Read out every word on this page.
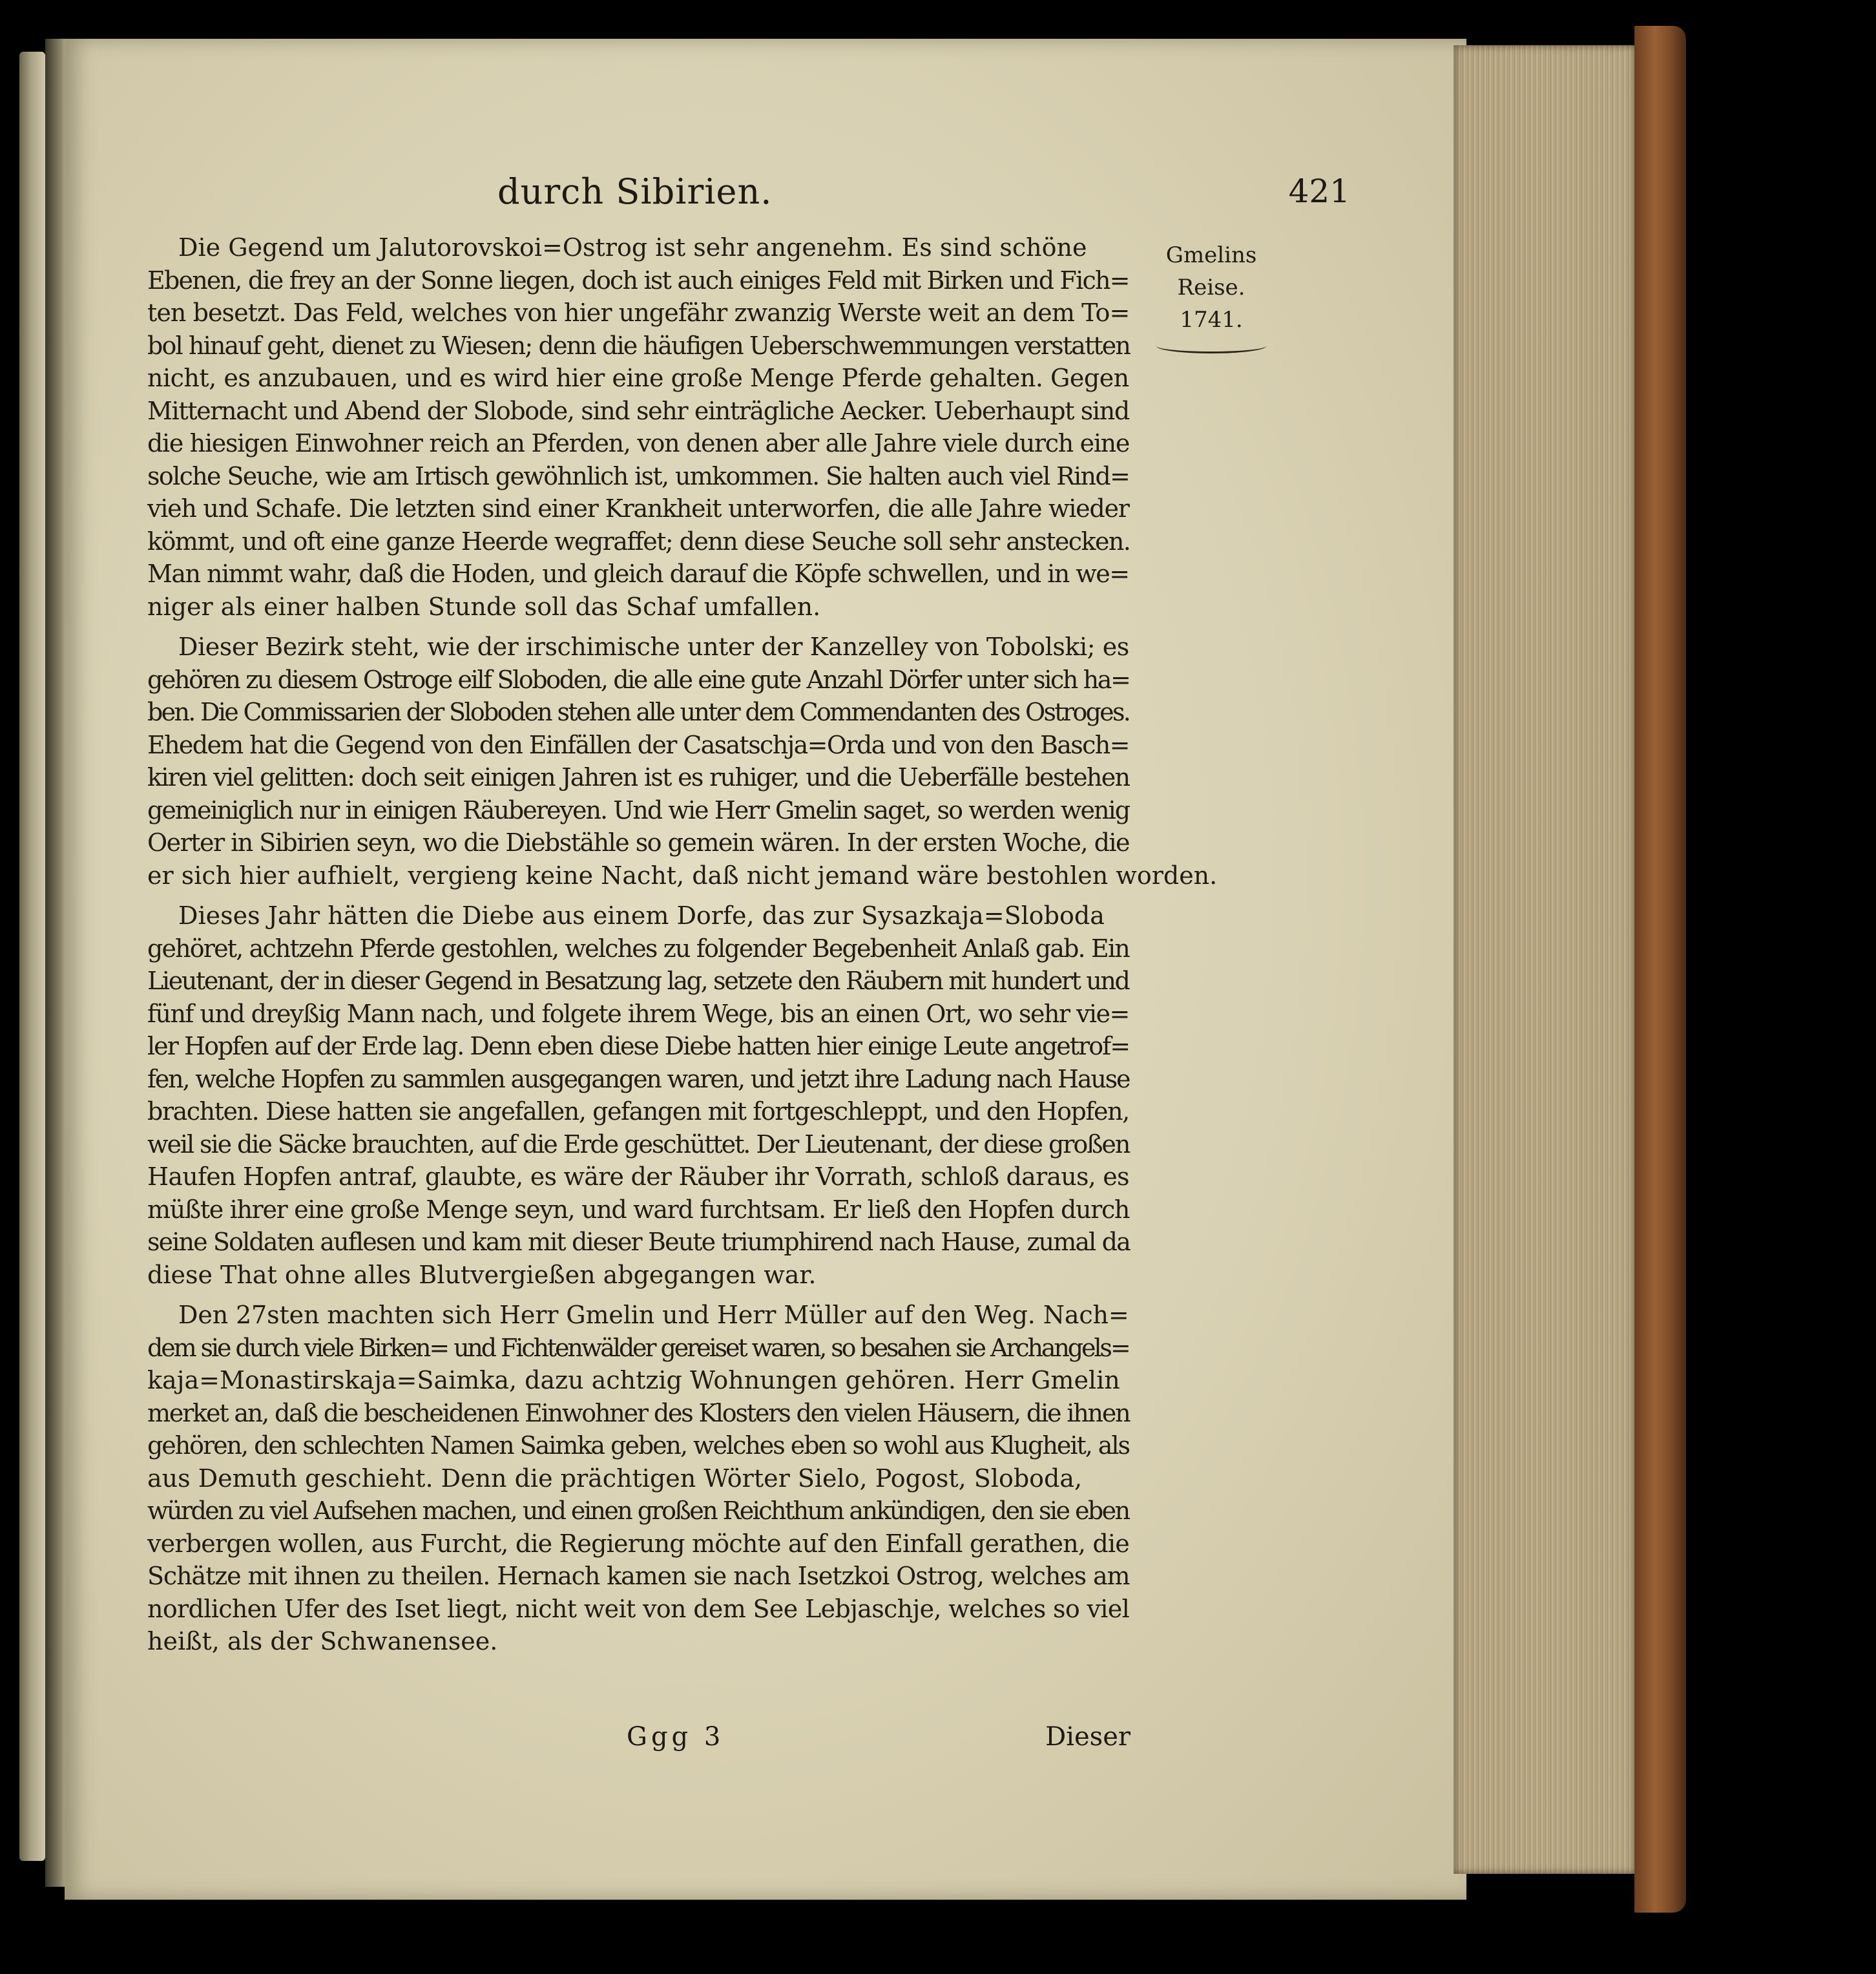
durch Sibirien.	421
Gmelins
Reise.
1741.
Die Gegend um Jalutorovskoi=Ostrog ist sehr angenehm. Es sind schöne
Ebenen, die frey an der Sonne liegen, doch ist auch einiges Feld mit Birken und Fich=
ten besetzt. Das Feld, welches von hier ungefähr zwanzig Werste weit an dem To=
bol hinauf geht, dienet zu Wiesen; denn die häufigen Ueberschwemmungen verstatten
nicht, es anzubauen, und es wird hier eine große Menge Pferde gehalten. Gegen
Mitternacht und Abend der Slobode, sind sehr einträgliche Aecker. Ueberhaupt sind
die hiesigen Einwohner reich an Pferden, von denen aber alle Jahre viele durch eine
solche Seuche, wie am Irtisch gewöhnlich ist, umkommen. Sie halten auch viel Rind=
vieh und Schafe. Die letzten sind einer Krankheit unterworfen, die alle Jahre wieder
kömmt, und oft eine ganze Heerde wegraffet; denn diese Seuche soll sehr anstecken.
Man nimmt wahr, daß die Hoden, und gleich darauf die Köpfe schwellen, und in we=
niger als einer halben Stunde soll das Schaf umfallen.
Dieser Bezirk steht, wie der irschimische unter der Kanzelley von Tobolski; es
gehören zu diesem Ostroge eilf Sloboden, die alle eine gute Anzahl Dörfer unter sich ha=
ben. Die Commissarien der Sloboden stehen alle unter dem Commendanten des Ostroges.
Ehedem hat die Gegend von den Einfällen der Casatschja=Orda und von den Basch=
kiren viel gelitten: doch seit einigen Jahren ist es ruhiger, und die Ueberfälle bestehen
gemeiniglich nur in einigen Räubereyen. Und wie Herr Gmelin saget, so werden wenig
Oerter in Sibirien seyn, wo die Diebstähle so gemein wären. In der ersten Woche, die
er sich hier aufhielt, vergieng keine Nacht, daß nicht jemand wäre bestohlen worden.
Dieses Jahr hätten die Diebe aus einem Dorfe, das zur Sysazkaja=Sloboda
gehöret, achtzehn Pferde gestohlen, welches zu folgender Begebenheit Anlaß gab. Ein
Lieutenant, der in dieser Gegend in Besatzung lag, setzete den Räubern mit hundert und
fünf und dreyßig Mann nach, und folgete ihrem Wege, bis an einen Ort, wo sehr vie=
ler Hopfen auf der Erde lag. Denn eben diese Diebe hatten hier einige Leute angetrof=
fen, welche Hopfen zu sammlen ausgegangen waren, und jetzt ihre Ladung nach Hause
brachten. Diese hatten sie angefallen, gefangen mit fortgeschleppt, und den Hopfen,
weil sie die Säcke brauchten, auf die Erde geschüttet. Der Lieutenant, der diese großen
Haufen Hopfen antraf, glaubte, es wäre der Räuber ihr Vorrath, schloß daraus, es
müßte ihrer eine große Menge seyn, und ward furchtsam. Er ließ den Hopfen durch
seine Soldaten auflesen und kam mit dieser Beute triumphirend nach Hause, zumal da
diese That ohne alles Blutvergießen abgegangen war.
Den 27sten machten sich Herr Gmelin und Herr Müller auf den Weg. Nach=
dem sie durch viele Birken= und Fichtenwälder gereiset waren, so besahen sie Archangels=
kaja=Monastirskaja=Saimka, dazu achtzig Wohnungen gehören. Herr Gmelin
merket an, daß die bescheidenen Einwohner des Klosters den vielen Häusern, die ihnen
gehören, den schlechten Namen Saimka geben, welches eben so wohl aus Klugheit, als
aus Demuth geschieht. Denn die prächtigen Wörter Sielo, Pogost, Sloboda,
würden zu viel Aufsehen machen, und einen großen Reichthum ankündigen, den sie eben
verbergen wollen, aus Furcht, die Regierung möchte auf den Einfall gerathen, die
Schätze mit ihnen zu theilen. Hernach kamen sie nach Isetzkoi Ostrog, welches am
nordlichen Ufer des Iset liegt, nicht weit von dem See Lebjaschje, welches so viel
heißt, als der Schwanensee.
Ggg 3	Dieser
